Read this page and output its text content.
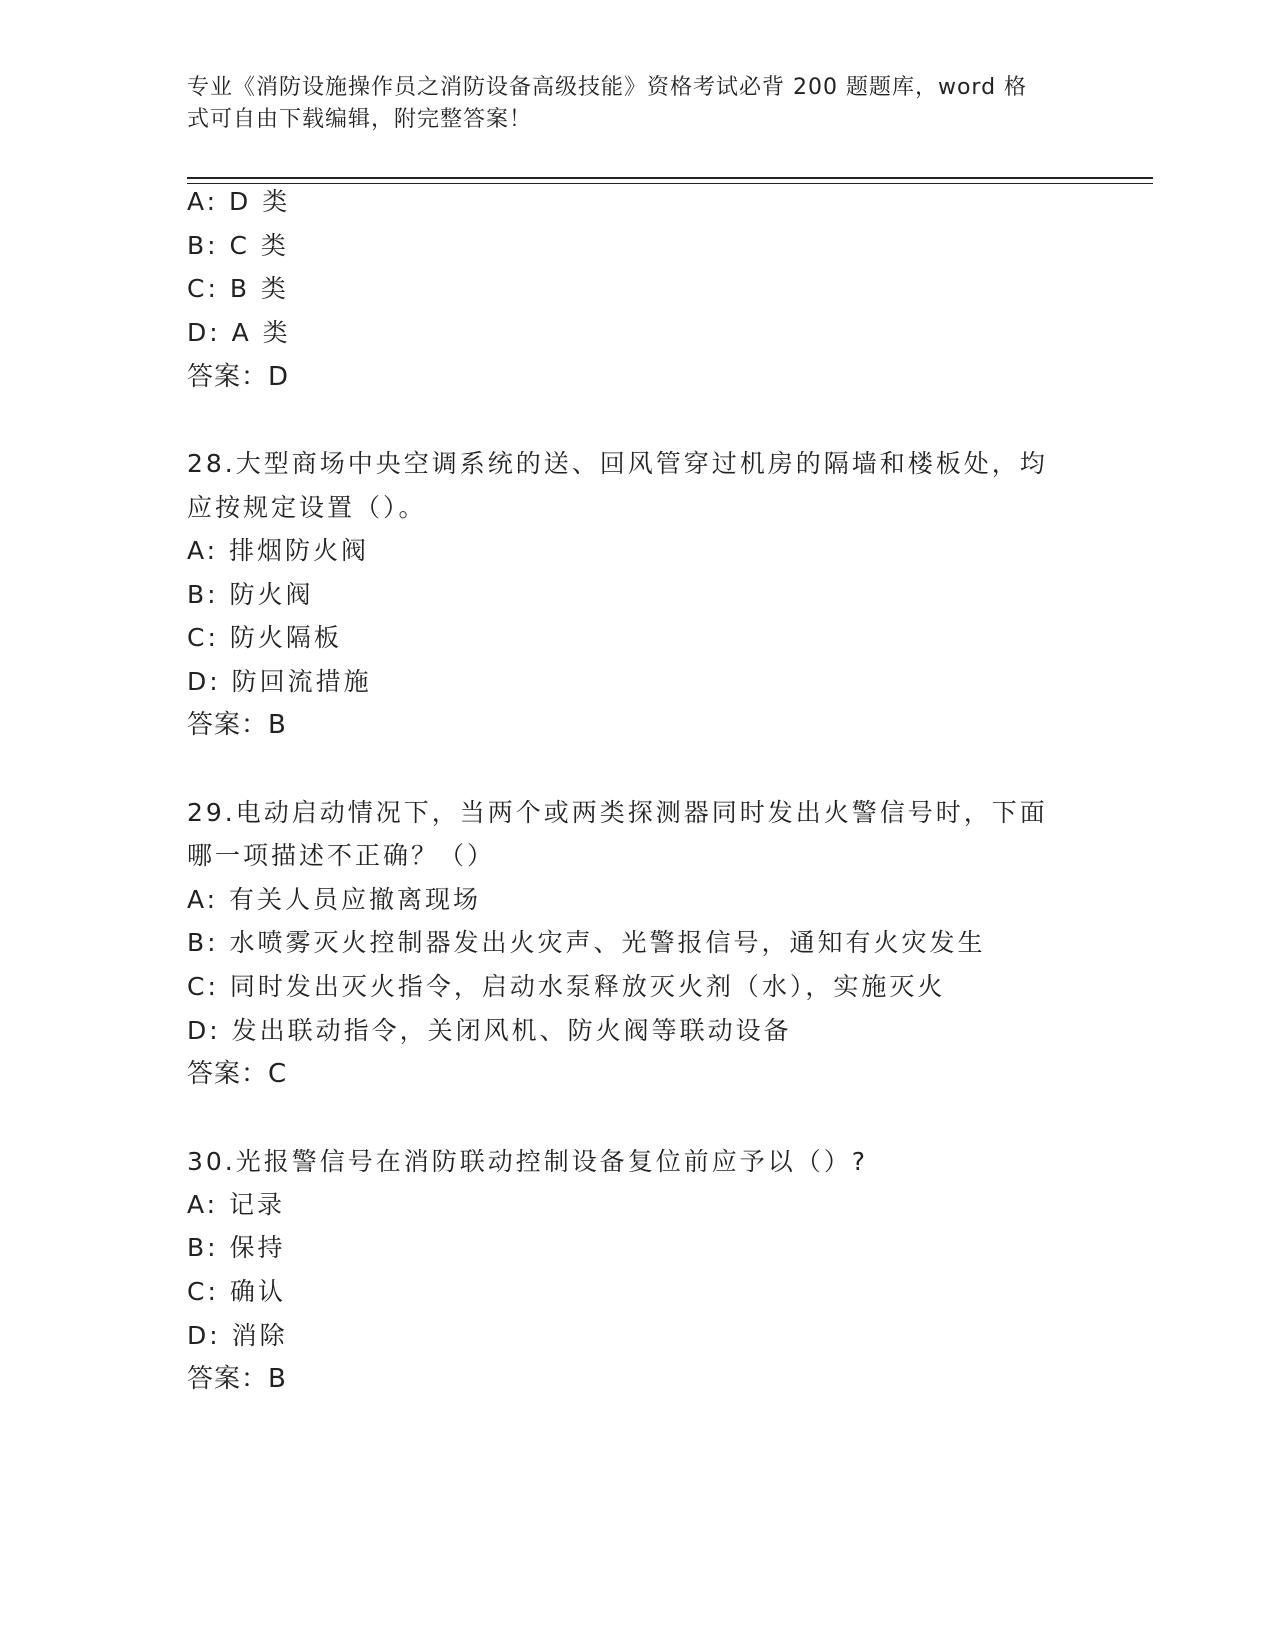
专业《消防设施操作员之消防设备高级技能》资格考试必背 200 题题库，word 格
式可自由下载编辑，附完整答案！
A: D 类
B: C 类
C: B 类
D: A 类
答案：D
28.大型商场中央空调系统的送、回风管穿过机房的隔墙和楼板处，均
应按规定设置（）。
A: 排烟防火阀
B: 防火阀
C: 防火隔板
D: 防回流措施
答案：B
29.电动启动情况下，当两个或两类探测器同时发出火警信号时，下面
哪一项描述不正确？（）
A: 有关人员应撤离现场
B: 水喷雾灭火控制器发出火灾声、光警报信号，通知有火灾发生
C: 同时发出灭火指令，启动水泵释放灭火剂（水），实施灭火
D: 发出联动指令，关闭风机、防火阀等联动设备
答案：C
30.光报警信号在消防联动控制设备复位前应予以（）?
A: 记录
B: 保持
C: 确认
D: 消除
答案：B
